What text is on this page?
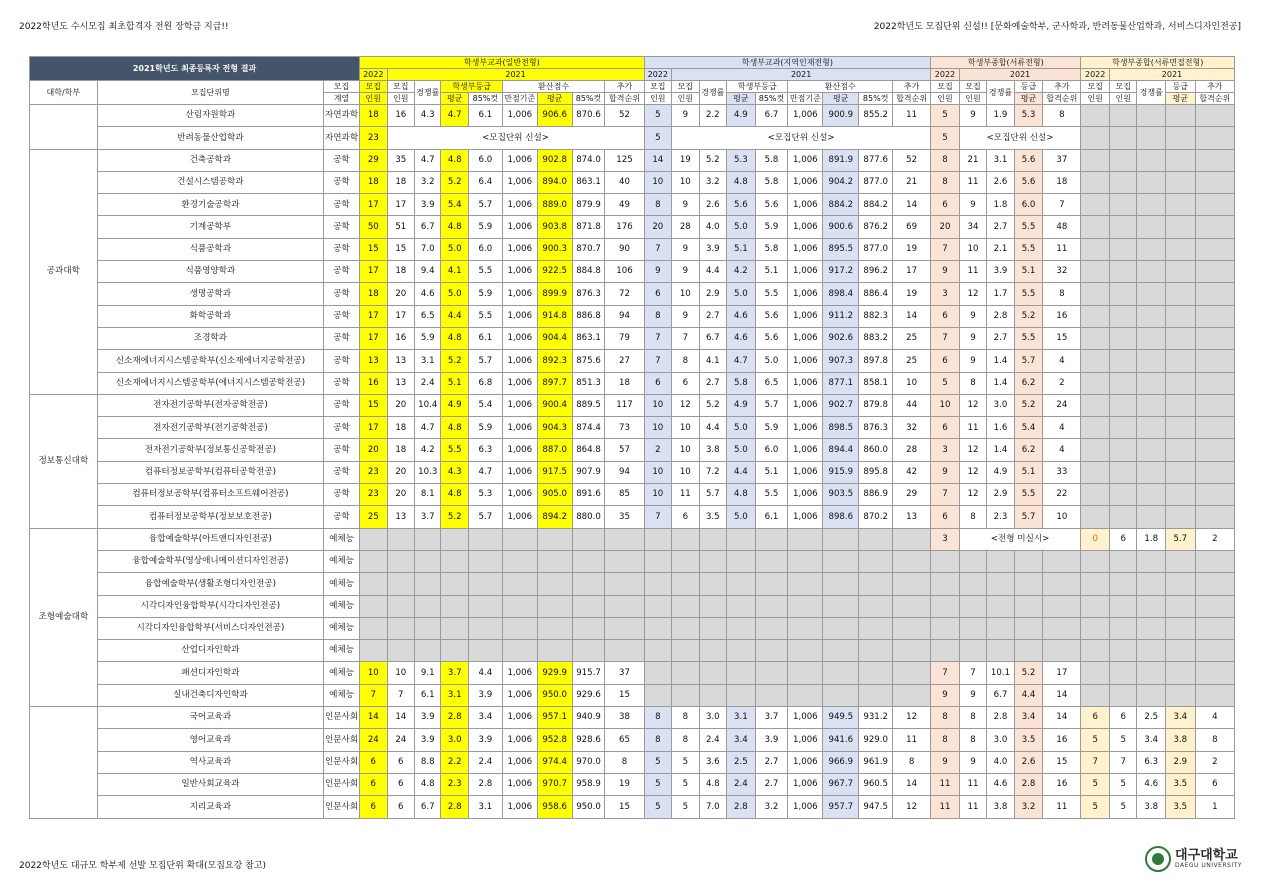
2022학년도 수시모집 최초합격자 전원 장학금 지급!!	2022학년도 모집단위 신설!! [문화예술학부, 군사학과, 반려동물산업학과, 서비스디자인전공]
2021학년도 최종등록자 전형 결과			학생부교과(일반전형)									학생부교과(지역인재전형)									학생부종합(서류전형)					학생부종합(서류면접전형)				
			2022	2021								2022	2021								2022	2021				2022	2021			
대학/학부	모집단위명	모집	모집	모집	경쟁률	학생부등급		환산점수			추가	모집	모집	경쟁률	학생부등급		환산점수			추가	모집	모집	경쟁률	등급	추가	모집	모집	경쟁률	등급	추가
		계열	인원	인원		평균	85%컷	만점기준	평균	85%컷	합격순위	인원	인원		평균	85%컷	만점기준	평균	85%컷	합격순위	인원	인원		평균	합격순위	인원	인원		평균	합격순위
	산림자원학과	자연과학	18	16	4.3	4.7	6.1	1,006	906.6	870.6	52	5	9	2.2	4.9	6.7	1,006	900.9	855.2	11	5	9	1.9	5.3	8					
	반려동물산업학과	자연과학	23	<모집단위 신설>								5	<모집단위 신설>								5	<모집단위 신설>								
공과대학	건축공학과	공학	29	35	4.7	4.8	6.0	1,006	902.8	874.0	125	14	19	5.2	5.3	5.8	1,006	891.9	877.6	52	8	21	3.1	5.6	37					
	건설시스템공학과	공학	18	18	3.2	5.2	6.4	1,006	894.0	863.1	40	10	10	3.2	4.8	5.8	1,006	904.2	877.0	21	8	11	2.6	5.6	18					
	환경기술공학과	공학	17	17	3.9	5.4	5.7	1,006	889.0	879.9	49	8	9	2.6	5.6	5.6	1,006	884.2	884.2	14	6	9	1.8	6.0	7					
	기계공학부	공학	50	51	6.7	4.8	5.9	1,006	903.8	871.8	176	20	28	4.0	5.0	5.9	1,006	900.6	876.2	69	20	34	2.7	5.5	48					
	식품공학과	공학	15	15	7.0	5.0	6.0	1,006	900.3	870.7	90	7	9	3.9	5.1	5.8	1,006	895.5	877.0	19	7	10	2.1	5.5	11					
	식품영양학과	공학	17	18	9.4	4.1	5.5	1,006	922.5	884.8	106	9	9	4.4	4.2	5.1	1,006	917.2	896.2	17	9	11	3.9	5.1	32					
	생명공학과	공학	18	20	4.6	5.0	5.9	1,006	899.9	876.3	72	6	10	2.9	5.0	5.5	1,006	898.4	886.4	19	3	12	1.7	5.5	8					
	화학공학과	공학	17	17	6.5	4.4	5.5	1,006	914.8	886.8	94	8	9	2.7	4.6	5.6	1,006	911.2	882.3	14	6	9	2.8	5.2	16					
	조경학과	공학	17	16	5.9	4.8	6.1	1,006	904.4	863.1	79	7	7	6.7	4.6	5.6	1,006	902.6	883.2	25	7	9	2.7	5.5	15					
	신소재에너지시스템공학부(신소재에너지공학전공)	공학	13	13	3.1	5.2	5.7	1,006	892.3	875.6	27	7	8	4.1	4.7	5.0	1,006	907.3	897.8	25	6	9	1.4	5.7	4					
	신소재에너지시스템공학부(에너지시스템공학전공)	공학	16	13	2.4	5.1	6.8	1,006	897.7	851.3	18	6	6	2.7	5.8	6.5	1,006	877.1	858.1	10	5	8	1.4	6.2	2					
정보통신대학	전자전기공학부(전자공학전공)	공학	15	20	10.4	4.9	5.4	1,006	900.4	889.5	117	10	12	5.2	4.9	5.7	1,006	902.7	879.8	44	10	12	3.0	5.2	24					
	전자전기공학부(전기공학전공)	공학	17	18	4.7	4.8	5.9	1,006	904.3	874.4	73	10	10	4.4	5.0	5.9	1,006	898.5	876.3	32	6	11	1.6	5.4	4					
	전자전기공학부(정보통신공학전공)	공학	20	18	4.2	5.5	6.3	1,006	887.0	864.8	57	2	10	3.8	5.0	6.0	1,006	894.4	860.0	28	3	12	1.4	6.2	4					
	컴퓨터정보공학부(컴퓨터공학전공)	공학	23	20	10.3	4.3	4.7	1,006	917.5	907.9	94	10	10	7.2	4.4	5.1	1,006	915.9	895.8	42	9	12	4.9	5.1	33					
	컴퓨터정보공학부(컴퓨터소프트웨어전공)	공학	23	20	8.1	4.8	5.3	1,006	905.0	891.6	85	10	11	5.7	4.8	5.5	1,006	903.5	886.9	29	7	12	2.9	5.5	22					
	컴퓨터정보공학부(정보보호전공)	공학	25	13	3.7	5.2	5.7	1,006	894.2	880.0	35	7	6	3.5	5.0	6.1	1,006	898.6	870.2	13	6	8	2.3	5.7	10					
조형예술대학	융합예술학부(아트앤디자인전공)	예체능																			3	<전형 미실시>				0	6	1.8	5.7	2
	융합예술학부(영상애니메이션디자인전공)	예체능																												
	융합예술학부(생활조형디자인전공)	예체능																												
	시각디자인융합학부(시각디자인전공)	예체능																												
	시각디자인융합학부(서비스디자인전공)	예체능																												
	산업디자인학과	예체능																												
	패션디자인학과	예체능	10	10	9.1	3.7	4.4	1,006	929.9	915.7	37										7	7	10.1	5.2	17					
	실내건축디자인학과	예체능	7	7	6.1	3.1	3.9	1,006	950.0	929.6	15										9	9	6.7	4.4	14					
	국어교육과	인문사회	14	14	3.9	2.8	3.4	1,006	957.1	940.9	38	8	8	3.0	3.1	3.7	1,006	949.5	931.2	12	8	8	2.8	3.4	14	6	6	2.5	3.4	4
	영어교육과	인문사회	24	24	3.9	3.0	3.9	1,006	952.8	928.6	65	8	8	2.4	3.4	3.9	1,006	941.6	929.0	11	8	8	3.0	3.5	16	5	5	3.4	3.8	8
	역사교육과	인문사회	6	6	8.8	2.2	2.4	1,006	974.4	970.0	8	5	5	3.6	2.5	2.7	1,006	966.9	961.9	8	9	9	4.0	2.6	15	7	7	6.3	2.9	2
	일반사회교육과	인문사회	6	6	4.8	2.3	2.8	1,006	970.7	958.9	19	5	5	4.8	2.4	2.7	1,006	967.7	960.5	14	11	11	4.6	2.8	16	5	5	4.6	3.5	6
	지리교육과	인문사회	6	6	6.7	2.8	3.1	1,006	958.6	950.0	15	5	5	7.0	2.8	3.2	1,006	957.7	947.5	12	11	11	3.8	3.2	11	5	5	3.8	3.5	1
2022학년도 대규모 학부제 선발 모집단위 확대(모집요강 참고)
대구대학교
DAEGU UNIVERSITY
